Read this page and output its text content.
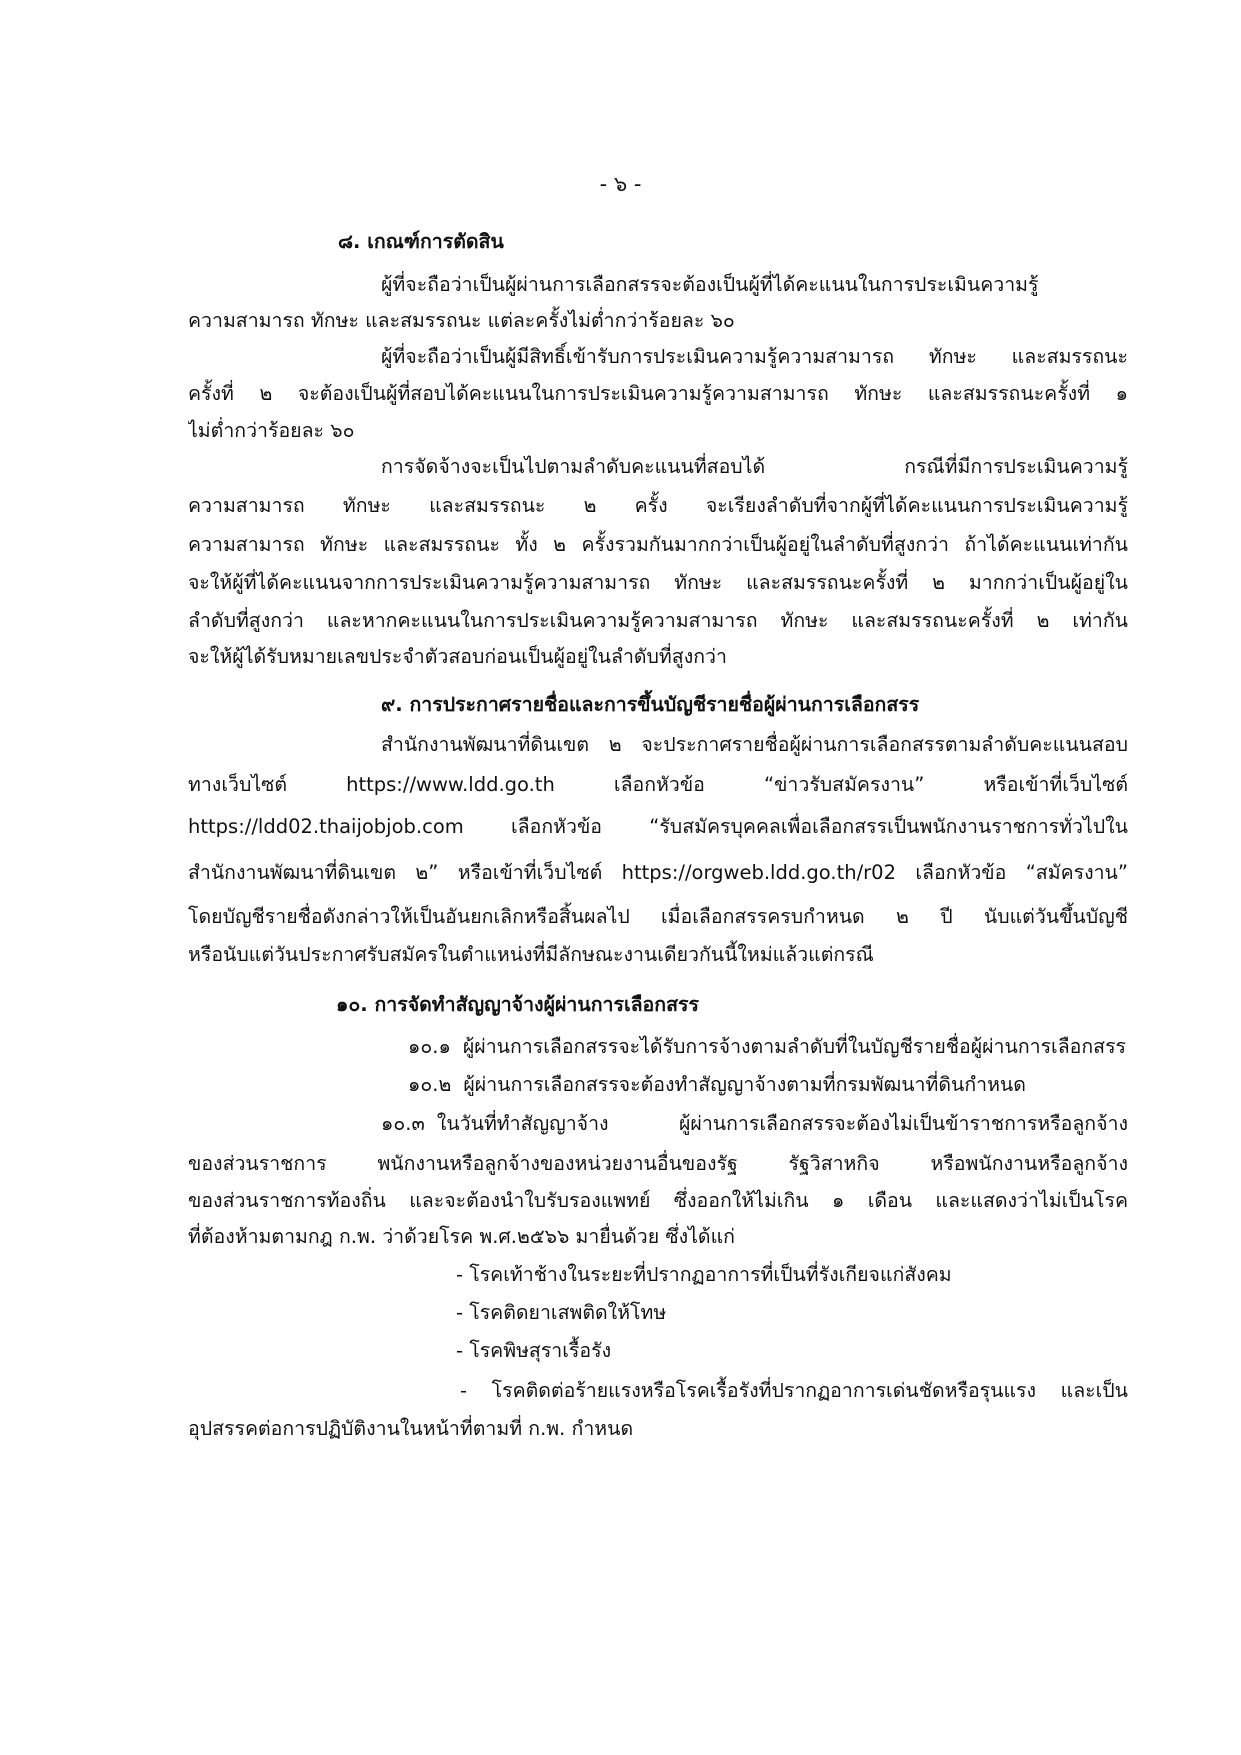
- ๖ -
๘. เกณฑ์การตัดสิน
ผู้ที่จะถือว่าเป็นผู้ผ่านการเลือกสรรจะต้องเป็นผู้ที่ได้คะแนนในการประเมินความรู้
ความสามารถ ทักษะ และสมรรถนะ แต่ละครั้งไม่ต่ำกว่าร้อยละ ๖๐
ผู้ที่จะถือว่าเป็นผู้มีสิทธิ์เข้ารับการประเมินความรู้ความสามารถ ทักษะ และสมรรถนะ
ครั้งที่ ๒ จะต้องเป็นผู้ที่สอบได้คะแนนในการประเมินความรู้ความสามารถ ทักษะ และสมรรถนะครั้งที่ ๑
ไม่ต่ำกว่าร้อยละ ๖๐
การจัดจ้างจะเป็นไปตามลำดับคะแนนที่สอบได้ กรณีที่มีการประเมินความรู้
ความสามารถ ทักษะ และสมรรถนะ ๒ ครั้ง จะเรียงลำดับที่จากผู้ที่ได้คะแนนการประเมินความรู้
ความสามารถ ทักษะ และสมรรถนะ ทั้ง ๒ ครั้งรวมกันมากกว่าเป็นผู้อยู่ในลำดับที่สูงกว่า ถ้าได้คะแนนเท่ากัน
จะให้ผู้ที่ได้คะแนนจากการประเมินความรู้ความสามารถ ทักษะ และสมรรถนะครั้งที่ ๒ มากกว่าเป็นผู้อยู่ใน
ลำดับที่สูงกว่า และหากคะแนนในการประเมินความรู้ความสามารถ ทักษะ และสมรรถนะครั้งที่ ๒ เท่ากัน
จะให้ผู้ได้รับหมายเลขประจำตัวสอบก่อนเป็นผู้อยู่ในลำดับที่สูงกว่า
๙. การประกาศรายชื่อและการขึ้นบัญชีรายชื่อผู้ผ่านการเลือกสรร
สำนักงานพัฒนาที่ดินเขต ๒ จะประกาศรายชื่อผู้ผ่านการเลือกสรรตามลำดับคะแนนสอบ
ทางเว็บไซต์ https://www.ldd.go.th เลือกหัวข้อ “ข่าวรับสมัครงาน” หรือเข้าที่เว็บไซต์
https://ldd02.thaijobjob.com เลือกหัวข้อ “รับสมัครบุคคลเพื่อเลือกสรรเป็นพนักงานราชการทั่วไปใน
สำนักงานพัฒนาที่ดินเขต ๒” หรือเข้าที่เว็บไซต์ https://orgweb.ldd.go.th/r02 เลือกหัวข้อ “สมัครงาน”
โดยบัญชีรายชื่อดังกล่าวให้เป็นอันยกเลิกหรือสิ้นผลไป เมื่อเลือกสรรครบกำหนด ๒ ปี นับแต่วันขึ้นบัญชี
หรือนับแต่วันประกาศรับสมัครในตำแหน่งที่มีลักษณะงานเดียวกันนี้ใหม่แล้วแต่กรณี
๑๐. การจัดทำสัญญาจ้างผู้ผ่านการเลือกสรร
๑๐.๑ ผู้ผ่านการเลือกสรรจะได้รับการจ้างตามลำดับที่ในบัญชีรายชื่อผู้ผ่านการเลือกสรร
๑๐.๒ ผู้ผ่านการเลือกสรรจะต้องทำสัญญาจ้างตามที่กรมพัฒนาที่ดินกำหนด
๑๐.๓ ในวันที่ทำสัญญาจ้าง ผู้ผ่านการเลือกสรรจะต้องไม่เป็นข้าราชการหรือลูกจ้าง
ของส่วนราชการ พนักงานหรือลูกจ้างของหน่วยงานอื่นของรัฐ รัฐวิสาหกิจ หรือพนักงานหรือลูกจ้าง
ของส่วนราชการท้องถิ่น และจะต้องนำใบรับรองแพทย์ ซึ่งออกให้ไม่เกิน ๑ เดือน และแสดงว่าไม่เป็นโรค
ที่ต้องห้ามตามกฎ ก.พ. ว่าด้วยโรค พ.ศ.๒๕๖๖ มายื่นด้วย ซึ่งได้แก่
- โรคเท้าช้างในระยะที่ปรากฏอาการที่เป็นที่รังเกียจแก่สังคม
- โรคติดยาเสพติดให้โทษ
- โรคพิษสุราเรื้อรัง
- โรคติดต่อร้ายแรงหรือโรคเรื้อรังที่ปรากฏอาการเด่นชัดหรือรุนแรง และเป็น
อุปสรรคต่อการปฏิบัติงานในหน้าที่ตามที่ ก.พ. กำหนด
